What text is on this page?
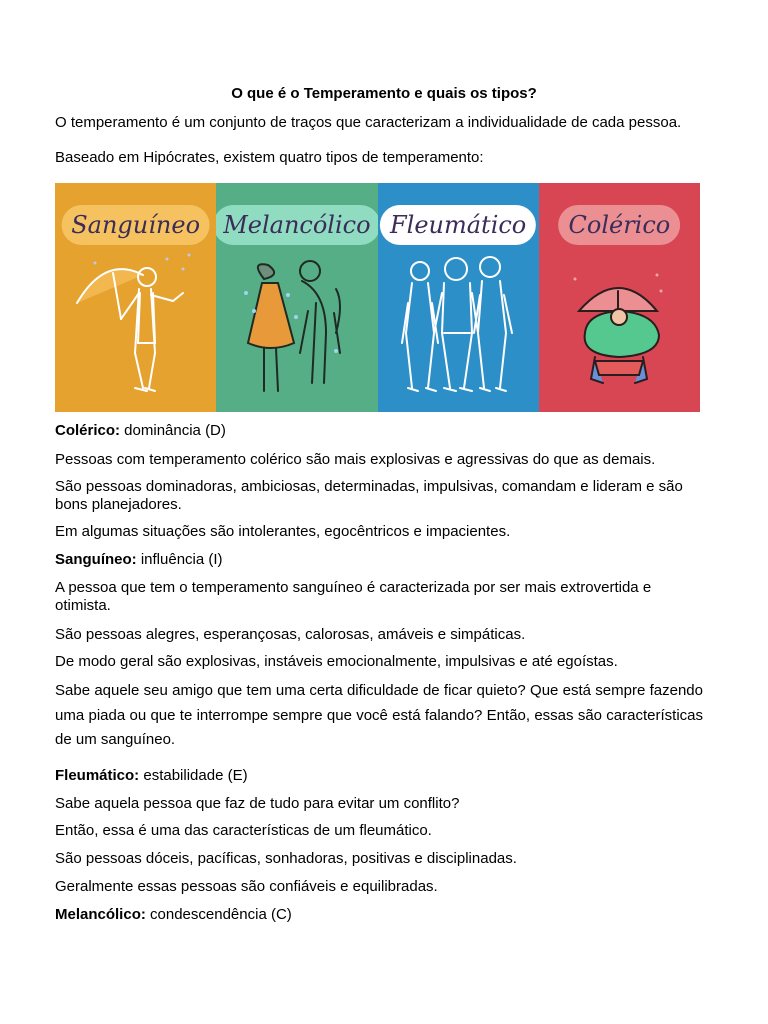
O que é o Temperamento e quais os tipos?

O temperamento é um conjunto de traços que caracterizam a individualidade de cada pessoa.

Baseado em Hipócrates, existem quatro tipos de temperamento:

Sanguíneo Melancólico Fleumático	Colérico

Colérico: dominância (D)

Pessoas com temperamento colérico são mais explosivas e agressivas do que as demais.

São pessoas dominadoras, ambiciosas, determinadas, impulsivas, comandam e lideram e são bons planejadores.

Em algumas situações são intolerantes, egocêntricos e impacientes.

Sanguíneo: influência (I)

A pessoa que tem o temperamento sanguíneo é caracterizada por ser mais extrovertida e otimista.

São pessoas alegres, esperançosas, calorosas, amáveis e simpáticas.

De modo geral são explosivas, instáveis emocionalmente, impulsivas e até egoístas.

Sabe aquele seu amigo que tem uma certa dificuldade de ficar quieto? Que está sempre fazendo uma piada ou que te interrompe sempre que você está falando? Então, essas são características de um sanguíneo.

Fleumático: estabilidade (E)

Sabe aquela pessoa que faz de tudo para evitar um conflito?

Então, essa é uma das características de um fleumático.

São pessoas dóceis, pacíficas, sonhadoras, positivas e disciplinadas.

Geralmente essas pessoas são confiáveis e equilibradas.

Melancólico: condescendência (C)
